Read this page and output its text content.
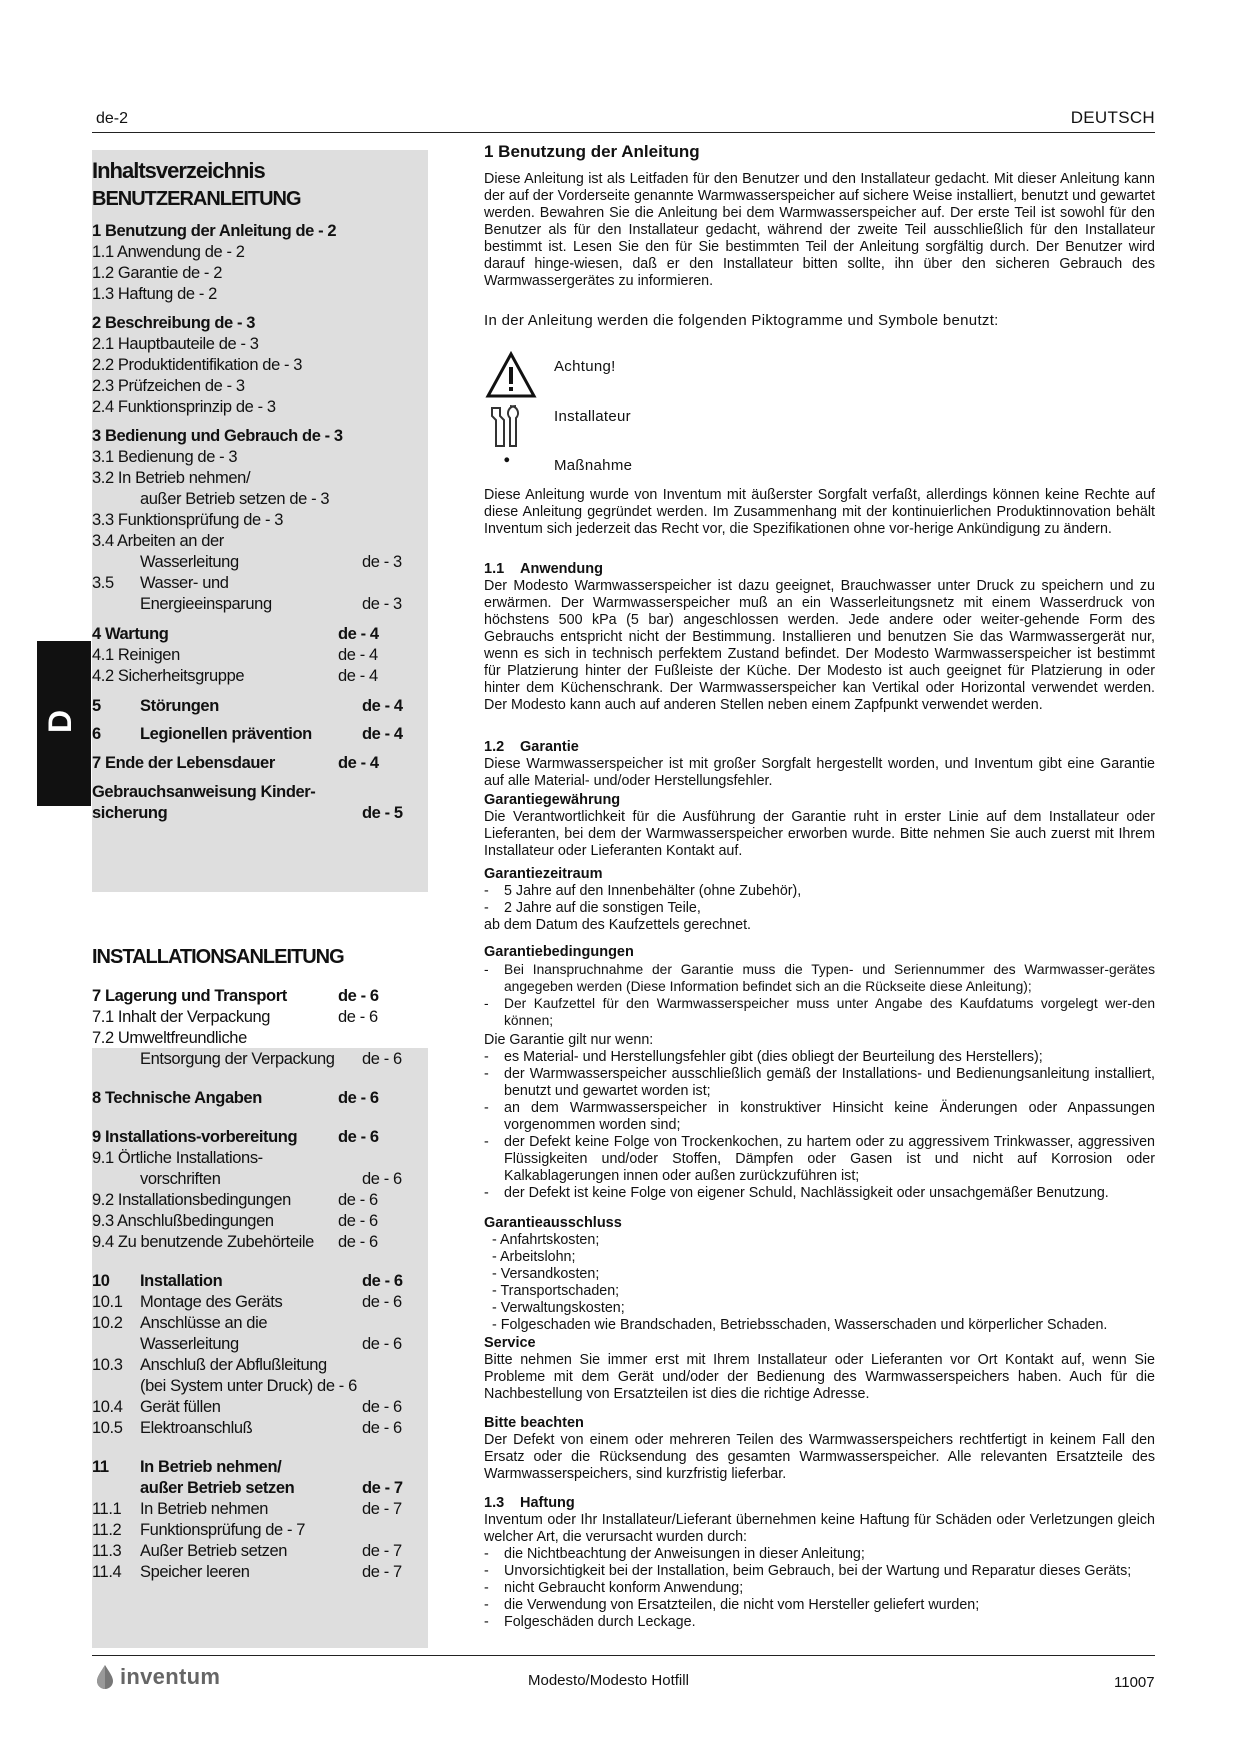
de-2	DEUTSCH
Inhaltsverzeichnis
BENUTZERANLEITUNG
1 Benutzung der Anleitung de - 2
1.1 Anwendung de - 2
1.2 Garantie de - 2
1.3 Haftung de - 2
2 Beschreibung de - 3
2.1 Hauptbauteile de - 3
2.2 Produktidentifikation de - 3
2.3 Prüfzeichen de - 3
2.4 Funktionsprinzip de - 3
3 Bedienung und Gebrauch de - 3
3.1 Bedienung de - 3
3.2 In Betrieb nehmen/
außer Betrieb setzen de - 3
3.3 Funktionsprüfung de - 3
3.4 Arbeiten an der
Wasserleitung	de - 3
3.5 Wasser- und
Energieeinsparung	de - 3
4 Wartung	de - 4
4.1 Reinigen	de - 4
4.2 Sicherheitsgruppe	de - 4
5 Störungen	de - 4
6 Legionellen prävention	de - 4
7 Ende der Lebensdauer	de - 4
Gebrauchsanweisung Kinder-
sicherung	de - 5
INSTALLATIONSANLEITUNG
7 Lagerung und Transport	de - 6
7.1 Inhalt der Verpackung	de - 6
7.2 Umweltfreundliche
Entsorgung der Verpackung de - 6
8 Technische Angaben	de - 6
9 Installations-vorbereitung de - 6
9.1 Örtliche Installations-
vorschriften	de - 6
9.2 Installationsbedingungen	de - 6
9.3 Anschlußbedingungen	de - 6
9.4 Zu benutzende Zubehörteile de - 6
10 Installation	de - 6
10.1 Montage des Geräts	de - 6
10.2 Anschlüsse an die
Wasserleitung	de - 6
10.3 Anschluß der Abflußleitung
(bei System unter Druck) de - 6
10.4 Gerät füllen	de - 6
10.5 Elektroanschluß	de - 6
11 In Betrieb nehmen/
außer Betrieb setzen	de - 7
11.1 In Betrieb nehmen	de - 7
11.2 Funktionsprüfung de - 7
11.3 Außer Betrieb setzen	de - 7
11.4 Speicher leeren	de - 7
D
1 Benutzung der Anleitung

Diese Anleitung ist als Leitfaden für den Benutzer und den Installateur gedacht. Mit dieser Anleitung kann der auf der Vorderseite genannte Warmwasserspeicher auf sichere Weise installiert, benutzt und gewartet werden. Bewahren Sie die Anleitung bei dem Warmwasserspeicher auf. Der erste Teil ist sowohl für den Benutzer als für den Installateur gedacht, während der zweite Teil ausschließlich für den Installateur bestimmt ist. Lesen Sie den für Sie bestimmten Teil der Anleitung sorgfältig durch. Der Benutzer wird darauf hinge-wiesen, daß er den Installateur bitten sollte, ihn über den sicheren Gebrauch des Warmwassergerätes zu informieren.

In der Anleitung werden die folgenden Piktogramme und Symbole benutzt:

Achtung!
Installateur
Maßnahme

Diese Anleitung wurde von Inventum mit äußerster Sorgfalt verfaßt, allerdings können keine Rechte auf diese Anleitung gegründet werden. Im Zusammenhang mit der kontinuierlichen Produktinnovation behält Inventum sich jederzeit das Recht vor, die Spezifikationen ohne vor-herige Ankündigung zu ändern.

1.1 Anwendung

Der Modesto Warmwasserspeicher ist dazu geeignet, Brauchwasser unter Druck zu speichern und zu erwärmen. Der Warmwasserspeicher muß an ein Wasserleitungsnetz mit einem Wasserdruck von höchstens 500 kPa (5 bar) angeschlossen werden. Jede andere oder weiter-gehende Form des Gebrauchs entspricht nicht der Bestimmung. Installieren und benutzen Sie das Warmwassergerät nur, wenn es sich in technisch perfektem Zustand befindet. Der Modesto Warmwasserspeicher ist bestimmt für Platzierung hinter der Fußleiste der Küche. Der Modesto ist auch geeignet für Platzierung in oder hinter dem Küchenschrank. Der Warmwasserspeicher kan Vertikal oder Horizontal verwendet werden. Der Modesto kann auch auf anderen Stellen neben einem Zapfpunkt verwendet werden.

1.2 Garantie

Diese Warmwasserspeicher ist mit großer Sorgfalt hergestellt worden, und Inventum gibt eine Garantie auf alle Material- und/oder Herstellungsfehler.

Garantiegewährung

Die Verantwortlichkeit für die Ausführung der Garantie ruht in erster Linie auf dem Installateur oder Lieferanten, bei dem der Warmwasserspeicher erworben wurde. Bitte nehmen Sie auch zuerst mit Ihrem Installateur oder Lieferanten Kontakt auf.

Garantiezeitraum
- 5 Jahre auf den Innenbehälter (ohne Zubehör),
- 2 Jahre auf die sonstigen Teile,

ab dem Datum des Kaufzettels gerechnet.

Garantiebedingungen
- Bei Inanspruchnahme der Garantie muss die Typen- und Seriennummer des Warmwasser-gerätes angegeben werden (Diese Information befindet sich an die Rückseite diese Anleitung);
- Der Kaufzettel für den Warmwasserspeicher muss unter Angabe des Kaufdatums vorgelegt wer-den können;

Die Garantie gilt nur wenn:

- es Material- und Herstellungsfehler gibt (dies obliegt der Beurteilung des Herstellers);
- der Warmwasserspeicher ausschließlich gemäß der Installations- und Bedienungsanleitung installiert, benutzt und gewartet worden ist;
- an dem Warmwasserspeicher in konstruktiver Hinsicht keine Änderungen oder Anpassungen vorgenommen worden sind;
- der Defekt keine Folge von Trockenkochen, zu hartem oder zu aggressivem Trinkwasser, aggressiven Flüssigkeiten und/oder Stoffen, Dämpfen oder Gasen ist und nicht auf Korrosion oder Kalkablagerungen innen oder außen zurückzuführen ist;
- der Defekt ist keine Folge von eigener Schuld, Nachlässigkeit oder unsachgemäßer Benutzung.
Garantieausschluss
- Anfahrtskosten;
- Arbeitslohn;
- Versandkosten;
- Transportschaden;
- Verwaltungskosten;
- Folgeschaden wie Brandschaden, Betriebsschaden, Wasserschaden und körperlicher Schaden.
Service

Bitte nehmen Sie immer erst mit Ihrem Installateur oder Lieferanten vor Ort Kontakt auf, wenn Sie Probleme mit dem Gerät und/oder der Bedienung des Warmwasserspeichers haben. Auch für die Nachbestellung von Ersatzteilen ist dies die richtige Adresse.

Bitte beachten

Der Defekt von einem oder mehreren Teilen des Warmwasserspeichers rechtfertigt in keinem Fall den Ersatz oder die Rücksendung des gesamten Warmwasserspeicher. Alle relevanten Ersatzteile des Warmwasserspeichers, sind kurzfristig lieferbar.

1.3 Haftung

Inventum oder Ihr Installateur/Lieferant übernehmen keine Haftung für Schäden oder Verletzungen gleich welcher Art, die verursacht wurden durch:

- die Nichtbeachtung der Anweisungen in dieser Anleitung;
- Unvorsichtigkeit bei der Installation, beim Gebrauch, bei der Wartung und Reparatur dieses Geräts;
- nicht Gebraucht konform Anwendung;
- die Verwendung von Ersatzteilen, die nicht vom Hersteller geliefert wurden;
- Folgeschäden durch Leckage.
inventum	Modesto/Modesto Hotfill	11007
